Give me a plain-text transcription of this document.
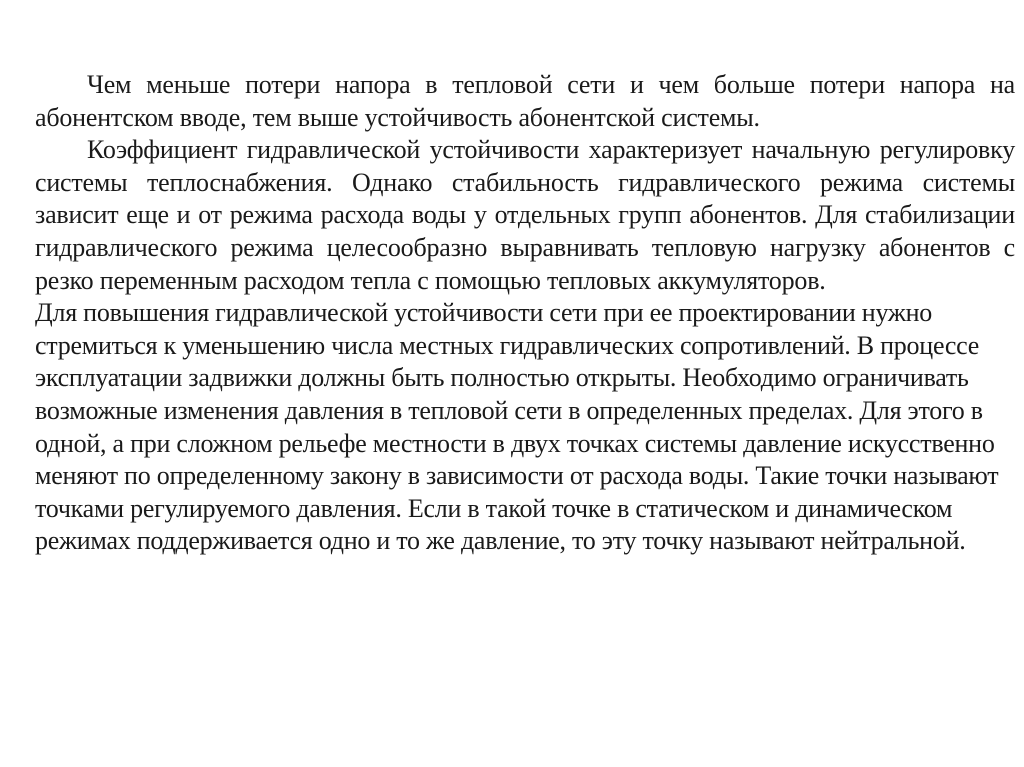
Чем меньше потери напора в тепловой сети и чем больше потери напора на абонентском вводе, тем выше устойчивость абонентской системы.

Коэффициент гидравлической устойчивости характеризует начальную регулировку системы теплоснабжения. Однако стабильность гидравлического режима системы зависит еще и от режима расхода воды у отдельных групп абонентов. Для стабилизации гидравлического режима целесообразно выравнивать тепловую нагрузку абонентов с резко переменным расходом тепла с помощью тепловых аккумуляторов.

Для повышения гидравлической устойчивости сети при ее проектировании нужно стремиться к уменьшению числа местных гидравлических сопротивлений. В процессе эксплуатации задвижки должны быть полностью открыты. Необходимо ограничивать возможные изменения давления в тепловой сети в определенных пределах. Для этого в одной, а при сложном рельефе местности в двух точках системы давление искусственно меняют по определенному закону в зависимости от расхода воды. Такие точки называют точками регулируемого давления. Если в такой точке в статическом и динамическом режимах поддерживается одно и то же давление, то эту точку называют нейтральной.
